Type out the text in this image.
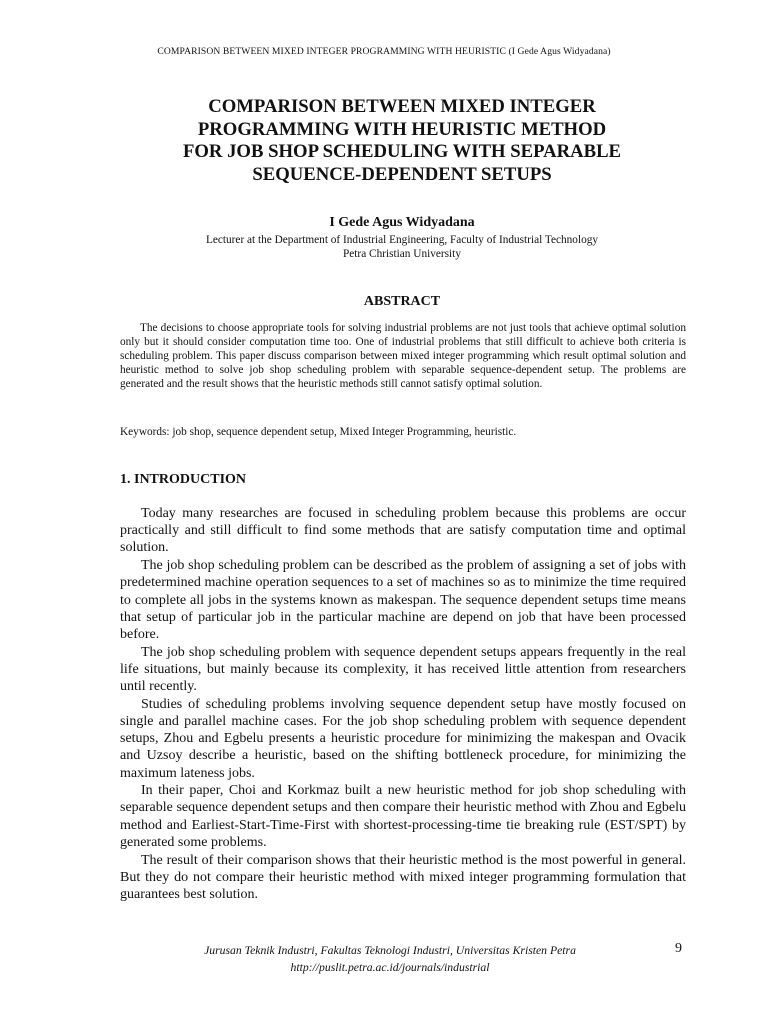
COMPARISON BETWEEN MIXED INTEGER PROGRAMMING WITH HEURISTIC (I Gede Agus Widyadana)
COMPARISON BETWEEN MIXED INTEGER
PROGRAMMING WITH HEURISTIC METHOD
FOR JOB SHOP SCHEDULING WITH SEPARABLE
SEQUENCE-DEPENDENT SETUPS
I Gede Agus Widyadana
Lecturer at the Department of Industrial Engineering, Faculty of Industrial Technology
Petra Christian University
ABSTRACT
The decisions to choose appropriate tools for solving industrial problems are not just tools that achieve optimal solution only but it should consider computation time too. One of industrial problems that still difficult to achieve both criteria is scheduling problem. This paper discuss comparison between mixed integer programming which result optimal solution and heuristic method to solve job shop scheduling problem with separable sequence-dependent setup. The problems are generated and the result shows that the heuristic methods still cannot satisfy optimal solution.
Keywords: job shop, sequence dependent setup, Mixed Integer Programming, heuristic.
1. INTRODUCTION

Today many researches are focused in scheduling problem because this problems are occur practically and still difficult to find some methods that are satisfy computation time and optimal solution.

The job shop scheduling problem can be described as the problem of assigning a set of jobs with predetermined machine operation sequences to a set of machines so as to minimize the time required to complete all jobs in the systems known as makespan. The sequence dependent setups time means that setup of particular job in the particular machine are depend on job that have been processed before.

The job shop scheduling problem with sequence dependent setups appears frequently in the real life situations, but mainly because its complexity, it has received little attention from researchers until recently.

Studies of scheduling problems involving sequence dependent setup have mostly focused on single and parallel machine cases. For the job shop scheduling problem with sequence dependent setups, Zhou and Egbelu presents a heuristic procedure for minimizing the makespan and Ovacik and Uzsoy describe a heuristic, based on the shifting bottleneck procedure, for minimizing the maximum lateness jobs.

In their paper, Choi and Korkmaz built a new heuristic method for job shop scheduling with separable sequence dependent setups and then compare their heuristic method with Zhou and Egbelu method and Earliest-Start-Time-First with shortest-processing-time tie breaking rule (EST/SPT) by generated some problems.

The result of their comparison shows that their heuristic method is the most powerful in general. But they do not compare their heuristic method with mixed integer programming formulation that guarantees best solution.

Jurusan Teknik Industri, Fakultas Teknologi Industri, Universitas Kristen Petra
http://puslit.petra.ac.id/journals/industrial
9
